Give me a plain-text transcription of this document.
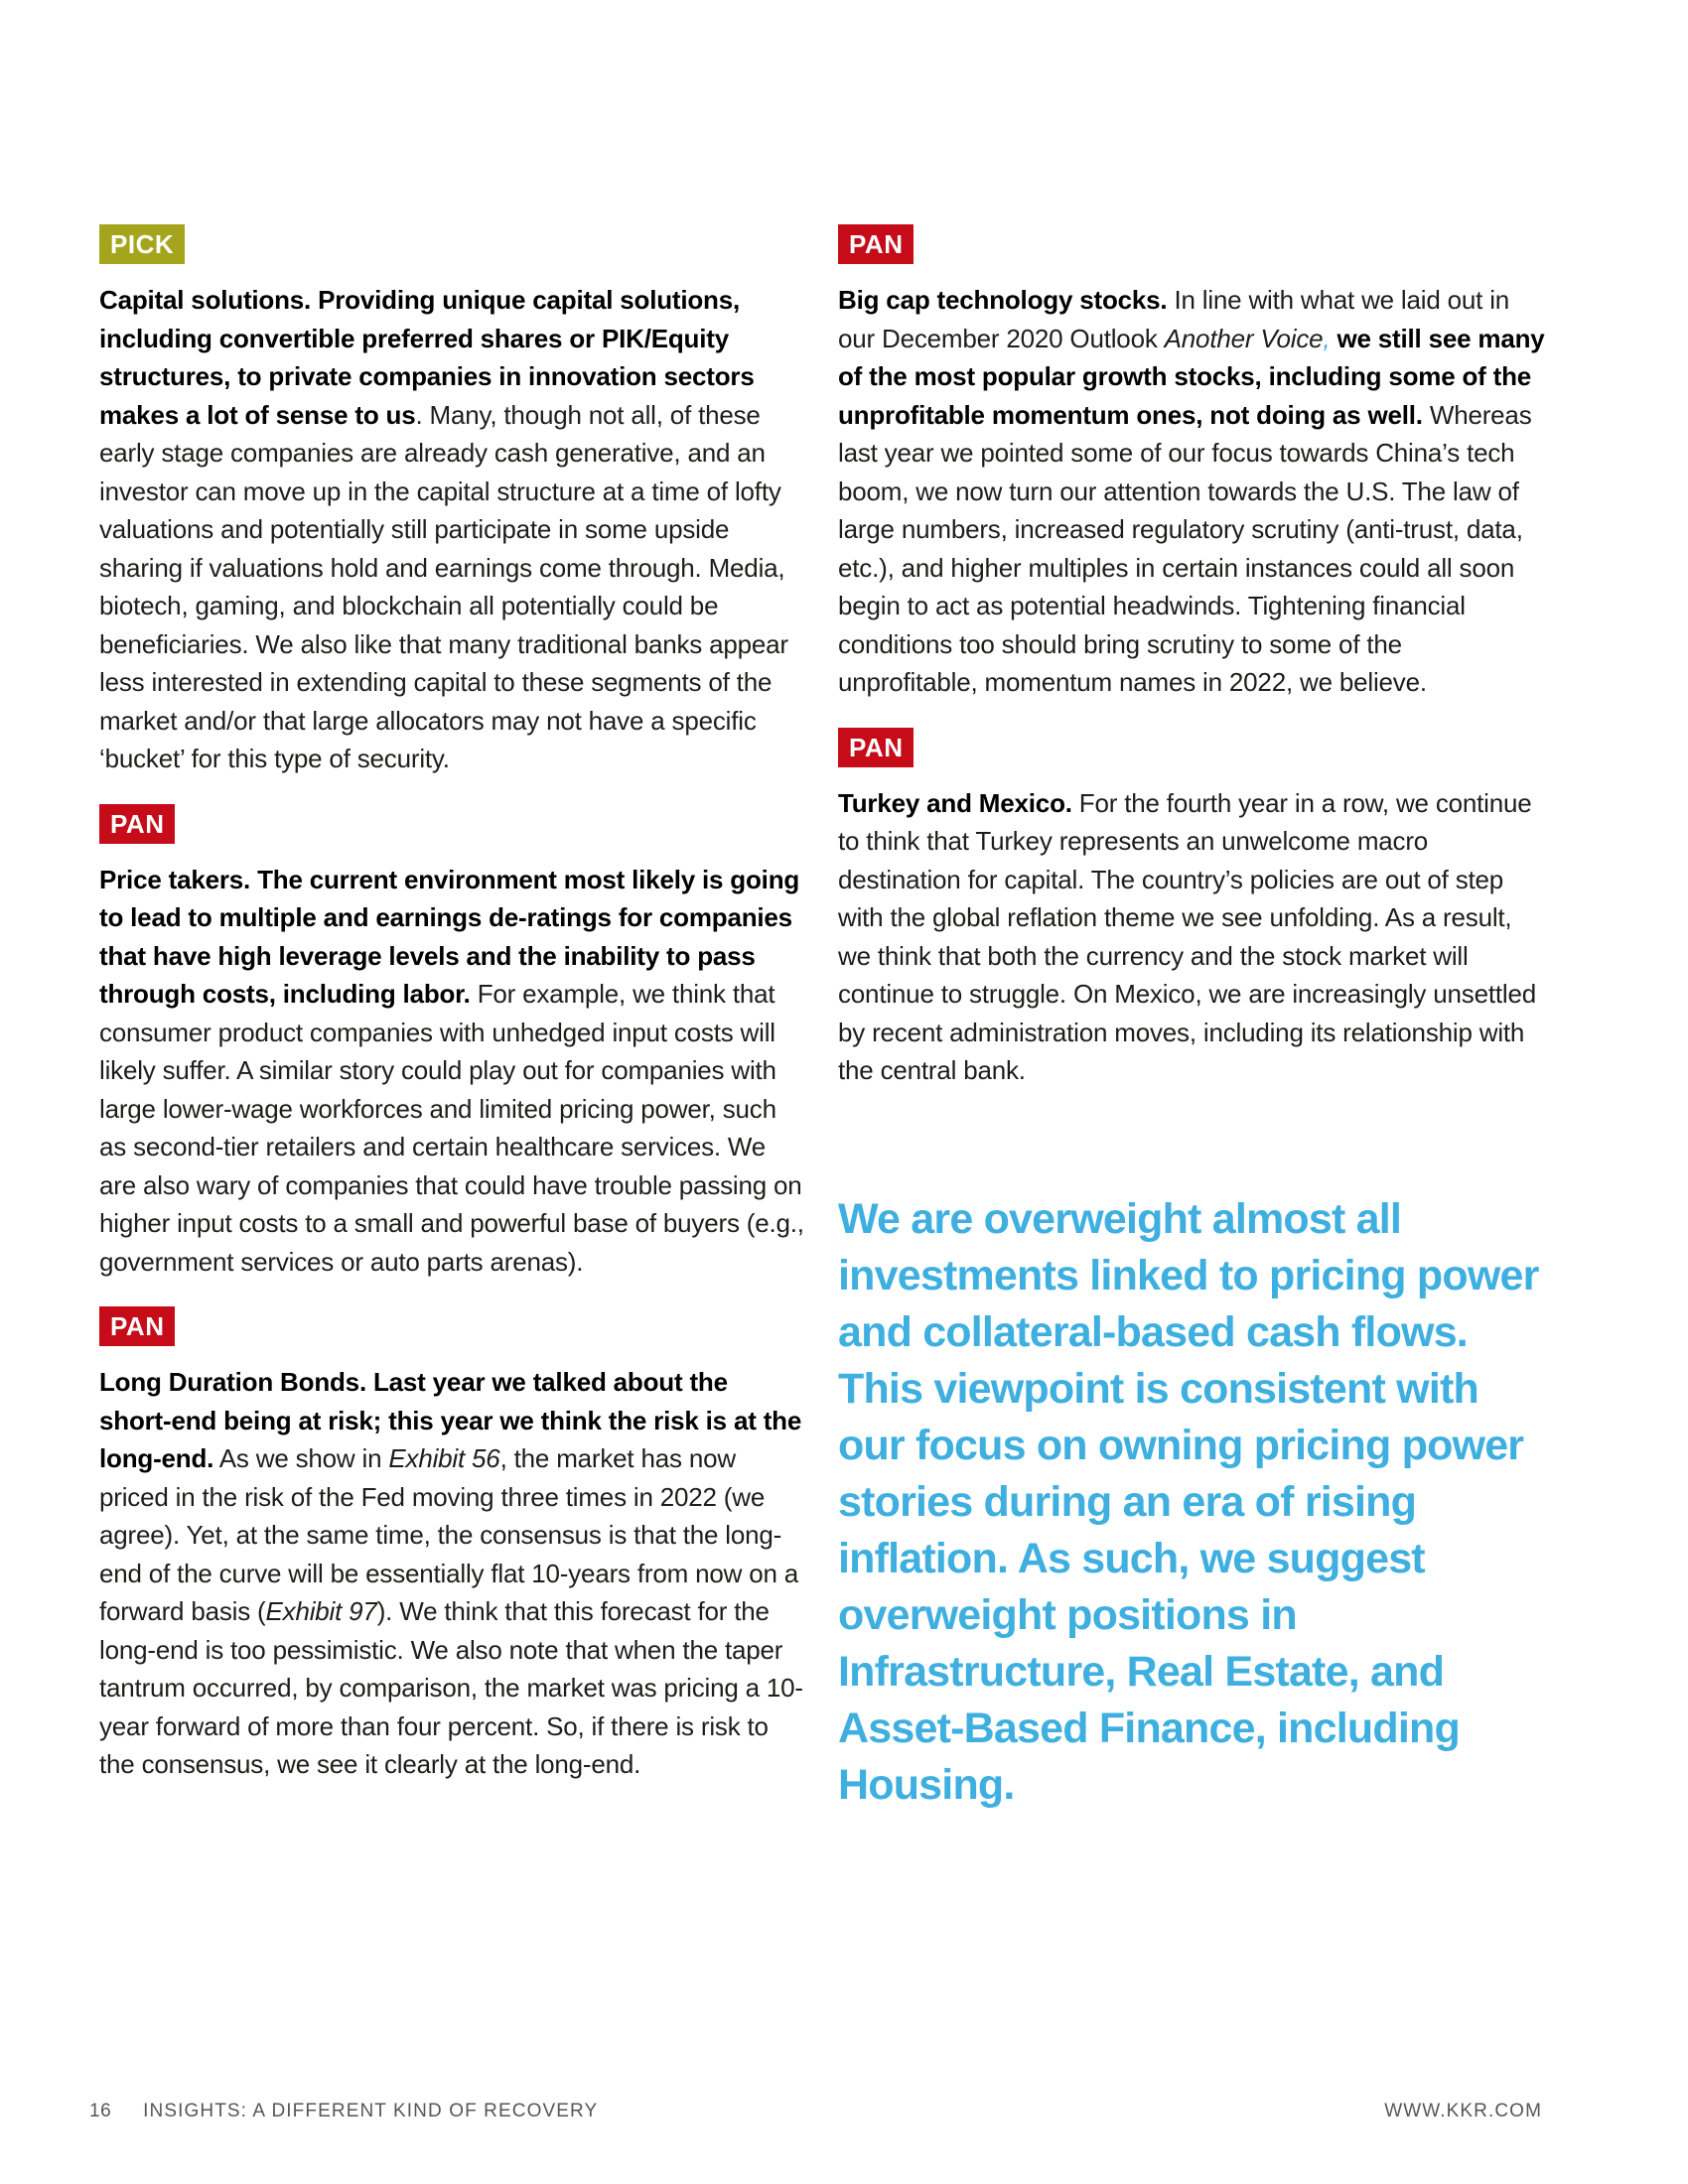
PICK

Capital solutions. Providing unique capital solutions, including convertible preferred shares or PIK/Equity structures, to private companies in innovation sectors makes a lot of sense to us. Many, though not all, of these early stage companies are already cash generative, and an investor can move up in the capital structure at a time of lofty valuations and potentially still participate in some upside sharing if valuations hold and earnings come through. Media, biotech, gaming, and blockchain all potentially could be beneficiaries. We also like that many traditional banks appear less interested in extending capital to these segments of the market and/or that large allocators may not have a specific ‘bucket’ for this type of security.

PAN

Price takers. The current environment most likely is going to lead to multiple and earnings de-ratings for companies that have high leverage levels and the inability to pass through costs, including labor. For example, we think that consumer product companies with unhedged input costs will likely suffer. A similar story could play out for companies with large lower-wage workforces and limited pricing power, such as second-tier retailers and certain healthcare services. We are also wary of companies that could have trouble passing on higher input costs to a small and powerful base of buyers (e.g., government services or auto parts arenas).

PAN

Long Duration Bonds. Last year we talked about the short-end being at risk; this year we think the risk is at the long-end. As we show in Exhibit 56, the market has now priced in the risk of the Fed moving three times in 2022 (we agree). Yet, at the same time, the consensus is that the long-end of the curve will be essentially flat 10-years from now on a forward basis (Exhibit 97). We think that this forecast for the long-end is too pessimistic. We also note that when the taper tantrum occurred, by comparison, the market was pricing a 10-year forward of more than four percent. So, if there is risk to the consensus, we see it clearly at the long-end.

PAN

Big cap technology stocks. In line with what we laid out in our December 2020 Outlook Another Voice, we still see many of the most popular growth stocks, including some of the unprofitable momentum ones, not doing as well. Whereas last year we pointed some of our focus towards China’s tech boom, we now turn our attention towards the U.S. The law of large numbers, increased regulatory scrutiny (anti-trust, data, etc.), and higher multiples in certain instances could all soon begin to act as potential headwinds. Tightening financial conditions too should bring scrutiny to some of the unprofitable, momentum names in 2022, we believe.

PAN

Turkey and Mexico. For the fourth year in a row, we continue to think that Turkey represents an unwelcome macro destination for capital. The country’s policies are out of step with the global reflation theme we see unfolding. As a result, we think that both the currency and the stock market will continue to struggle. On Mexico, we are increasingly unsettled by recent administration moves, including its relationship with the central bank.

We are overweight almost all investments linked to pricing power and collateral-based cash flows. This viewpoint is consistent with our focus on owning pricing power stories during an era of rising inflation. As such, we suggest overweight positions in Infrastructure, Real Estate, and Asset-Based Finance, including Housing.
16 INSIGHTS: A DIFFERENT KIND OF RECOVERY	WWW.KKR.COM
